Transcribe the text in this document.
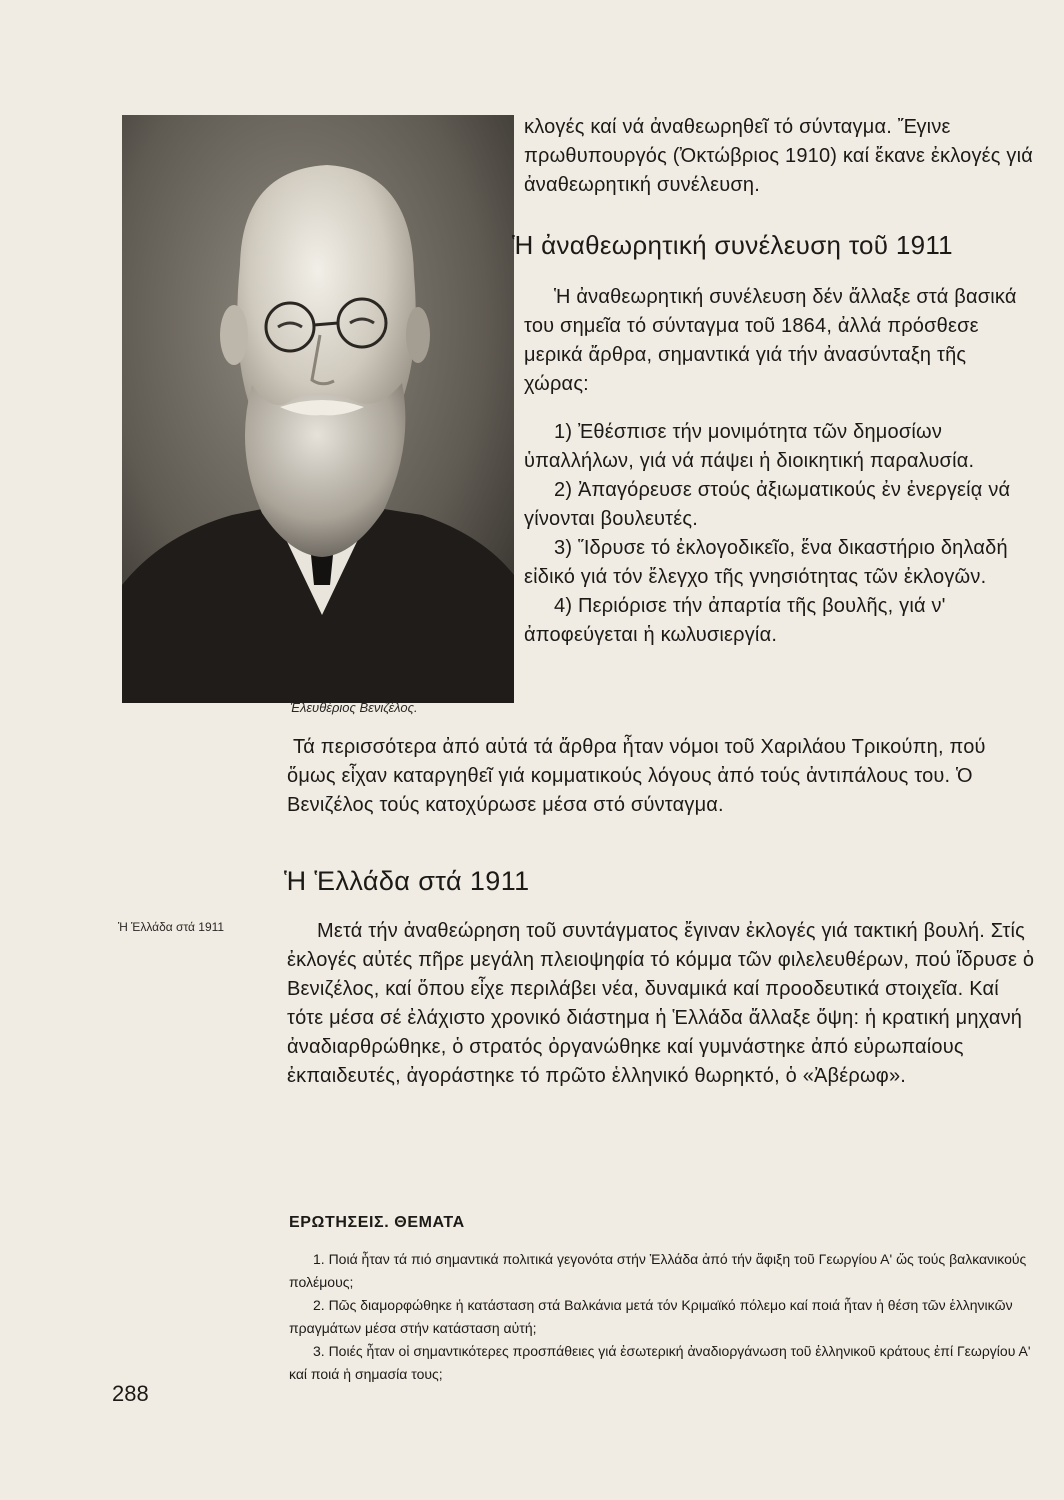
Ἐλευθέριος Βενιζέλος.

κλογές καί νά ἀναθεωρηθεῖ τό σύνταγμα. Ἔγινε πρωθυπουργός (Ὀκτώβριος 1910) καί ἔκανε ἐκλογές γιά ἀναθεωρητική συνέλευση.

Ἡ ἀναθεωρητική συνέλευση τοῦ 1911

Ἡ ἀναθεωρητική συνέλευση δέν ἄλλαξε στά βασικά του σημεῖα τό σύνταγμα τοῦ 1864, ἀλλά πρόσθεσε μερικά ἄρθρα, σημαντικά γιά τήν ἀνασύνταξη τῆς χώρας:

1) Ἐθέσπισε τήν μονιμότητα τῶν δημοσίων ὑπαλλήλων, γιά νά πάψει ἡ διοικητική παραλυσία.

2) Ἀπαγόρευσε στούς ἀξιωματικούς ἐν ἐνεργείᾳ νά γίνονται βουλευτές.

3) Ἵδρυσε τό ἐκλογοδικεῖο, ἕνα δικαστήριο δηλαδή εἰδικό γιά τόν ἔλεγχο τῆς γνησιότητας τῶν ἐκλογῶν.

4) Περιόρισε τήν ἀπαρτία τῆς βουλῆς, γιά ν' ἀποφεύγεται ἡ κωλυσιεργία.

Τά περισσότερα ἀπό αὐτά τά ἄρθρα ἦταν νόμοι τοῦ Χαριλάου Τρικούπη, πού ὅμως εἶχαν καταργηθεῖ γιά κομματικούς λόγους ἀπό τούς ἀντιπάλους του. Ὁ Βενιζέλος τούς κατοχύρωσε μέσα στό σύνταγμα.

Ἡ Ἑλλάδα στά 1911
Ἡ Ἑλλάδα στά 1911	Μετά τήν ἀναθεώρηση τοῦ συντάγματος ἔγιναν ἐκλογές γιά τακτική βουλή. Στίς ἐκλογές αὐτές πῆρε μεγάλη πλειοψηφία τό κόμμα τῶν φιλελευθέρων, πού ἵδρυσε ὁ Βενιζέλος, καί ὅπου εἶχε περιλάβει νέα, δυναμικά καί προοδευτικά στοιχεῖα. Καί τότε μέσα σέ ἐλάχιστο χρονικό διάστημα ἡ Ἑλλάδα ἄλλαξε ὄψη: ἡ κρατική μηχανή ἀναδιαρθρώθηκε, ὁ στρατός ὀργανώθηκε καί γυμνάστηκε ἀπό εὐρωπαίους ἐκπαιδευτές, ἀγοράστηκε τό πρῶτο ἑλληνικό θωρηκτό, ὁ «Ἀβέρωφ».

ΕΡΩΤΗΣΕΙΣ. ΘΕΜΑΤΑ
1. Ποιά ἦταν τά πιό σημαντικά πολιτικά γεγονότα στήν Ἑλλάδα ἀπό τήν ἄφιξη τοῦ Γεωργίου Α' ὥς τούς βαλκανικούς πολέμους;
2. Πῶς διαμορφώθηκε ἡ κατάσταση στά Βαλκάνια μετά τόν Κριμαϊκό πόλεμο καί ποιά ἦταν ἡ θέση τῶν ἑλληνικῶν πραγμάτων μέσα στήν κατάσταση αὐτή;
3. Ποιές ἦταν οἱ σημαντικότερες προσπάθειες γιά ἐσωτερική ἀναδιοργάνωση τοῦ ἑλληνικοῦ κράτους ἐπί Γεωργίου Α' καί ποιά ἡ σημασία τους;
288
